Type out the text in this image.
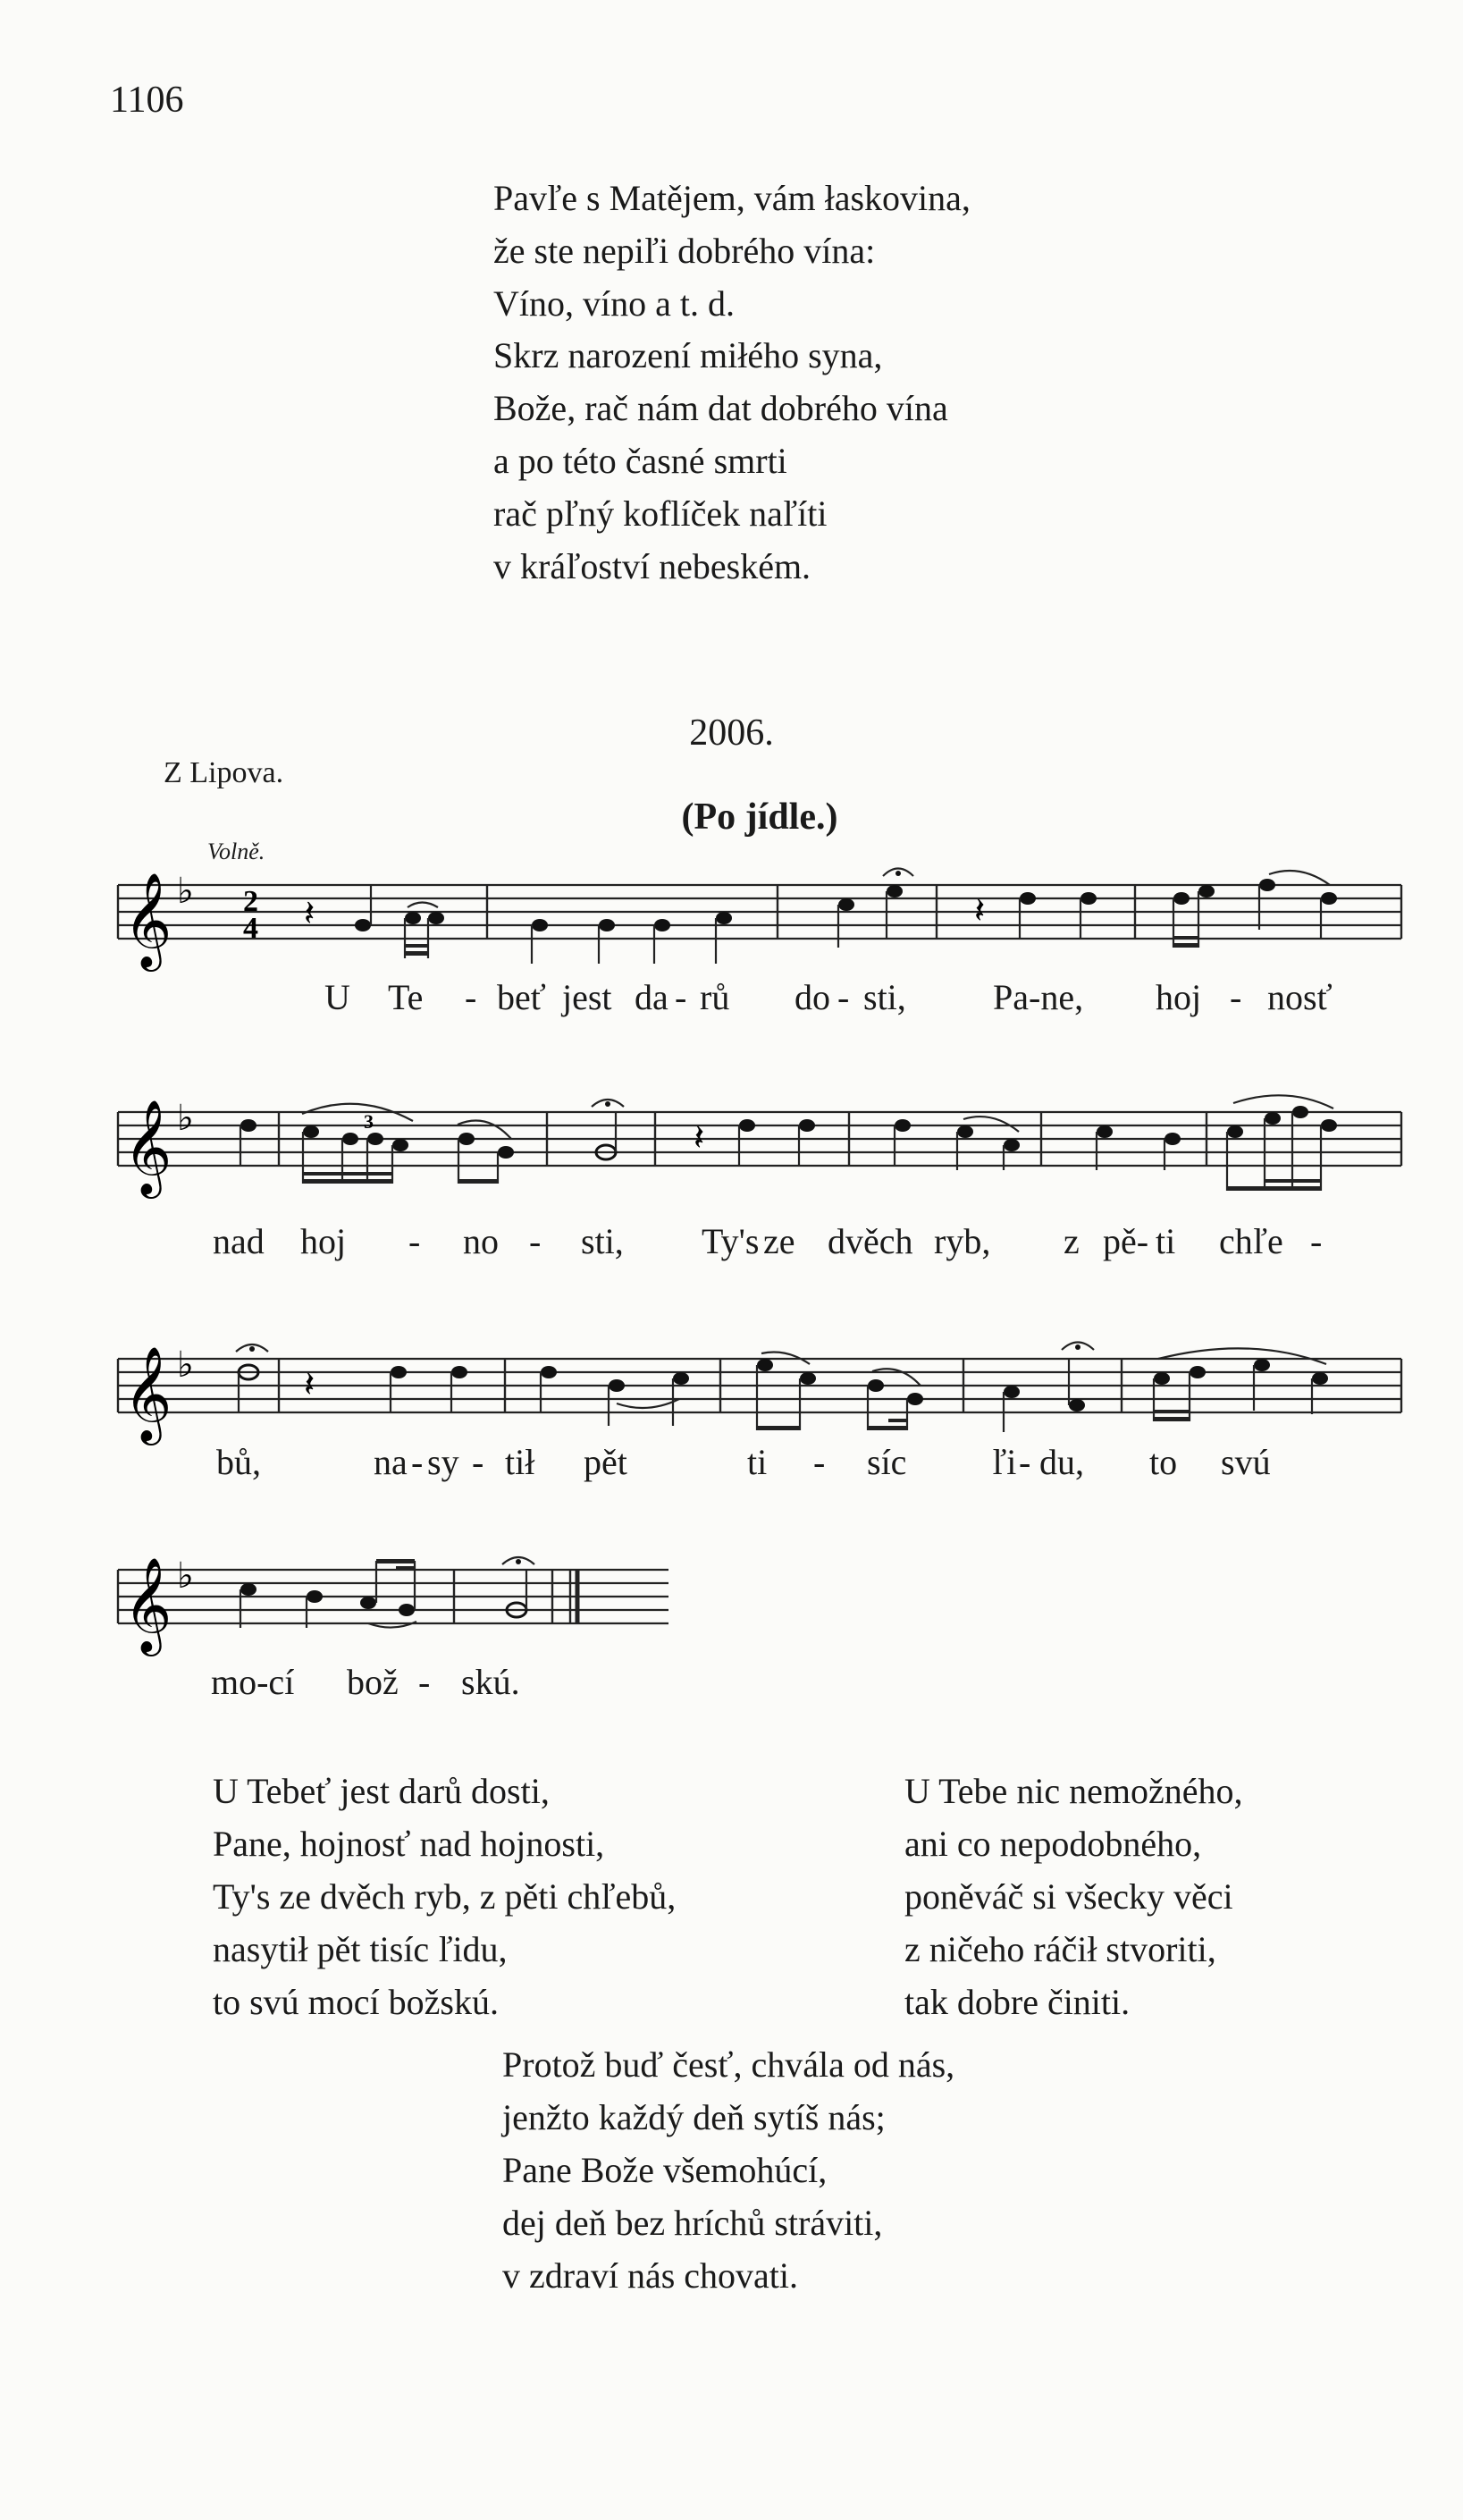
1106
Pavľe s Matějem, vám łaskovina,
že ste nepiľi dobrého vína:
Víno, víno a t. d.
Skrz narození miłého syna,
Bože, rač nám dat dobrého vína
a po této časné smrti
rač pľný koflíček naľíti
v kráľoství nebeském.
2006.
Z Lipova.
(Po jídle.)
Volně.
𝄞 ♭ 2
4 𝄽	𝄽
U Te - beť jest da - rů do - sti, Pa-ne, hoj - nosť
𝄞 ♭	3	𝄽
nad hoj - no - sti, Ty's ze dvěch ryb, z pě- ti chľe -
𝄞 ♭	𝄽
bů,	na - sy - tił pět	ti - síc ľi - du, to svú
𝄞 ♭
mo-cí bož - skú.
U Tebeť jest darů dosti,
Pane, hojnosť nad hojnosti,
Ty's ze dvěch ryb, z pěti chľebů,
nasytił pět tisíc ľidu,
to svú mocí božskú.
U Tebe nic nemožného,
ani co nepodobného,
poněváč si všecky věci
z ničeho ráčił stvoriti,
tak dobre činiti.
Protož buď česť, chvála od nás,
jenžto každý deň sytíš nás;
Pane Bože všemohúcí,
dej deň bez hríchů stráviti,
v zdraví nás chovati.
